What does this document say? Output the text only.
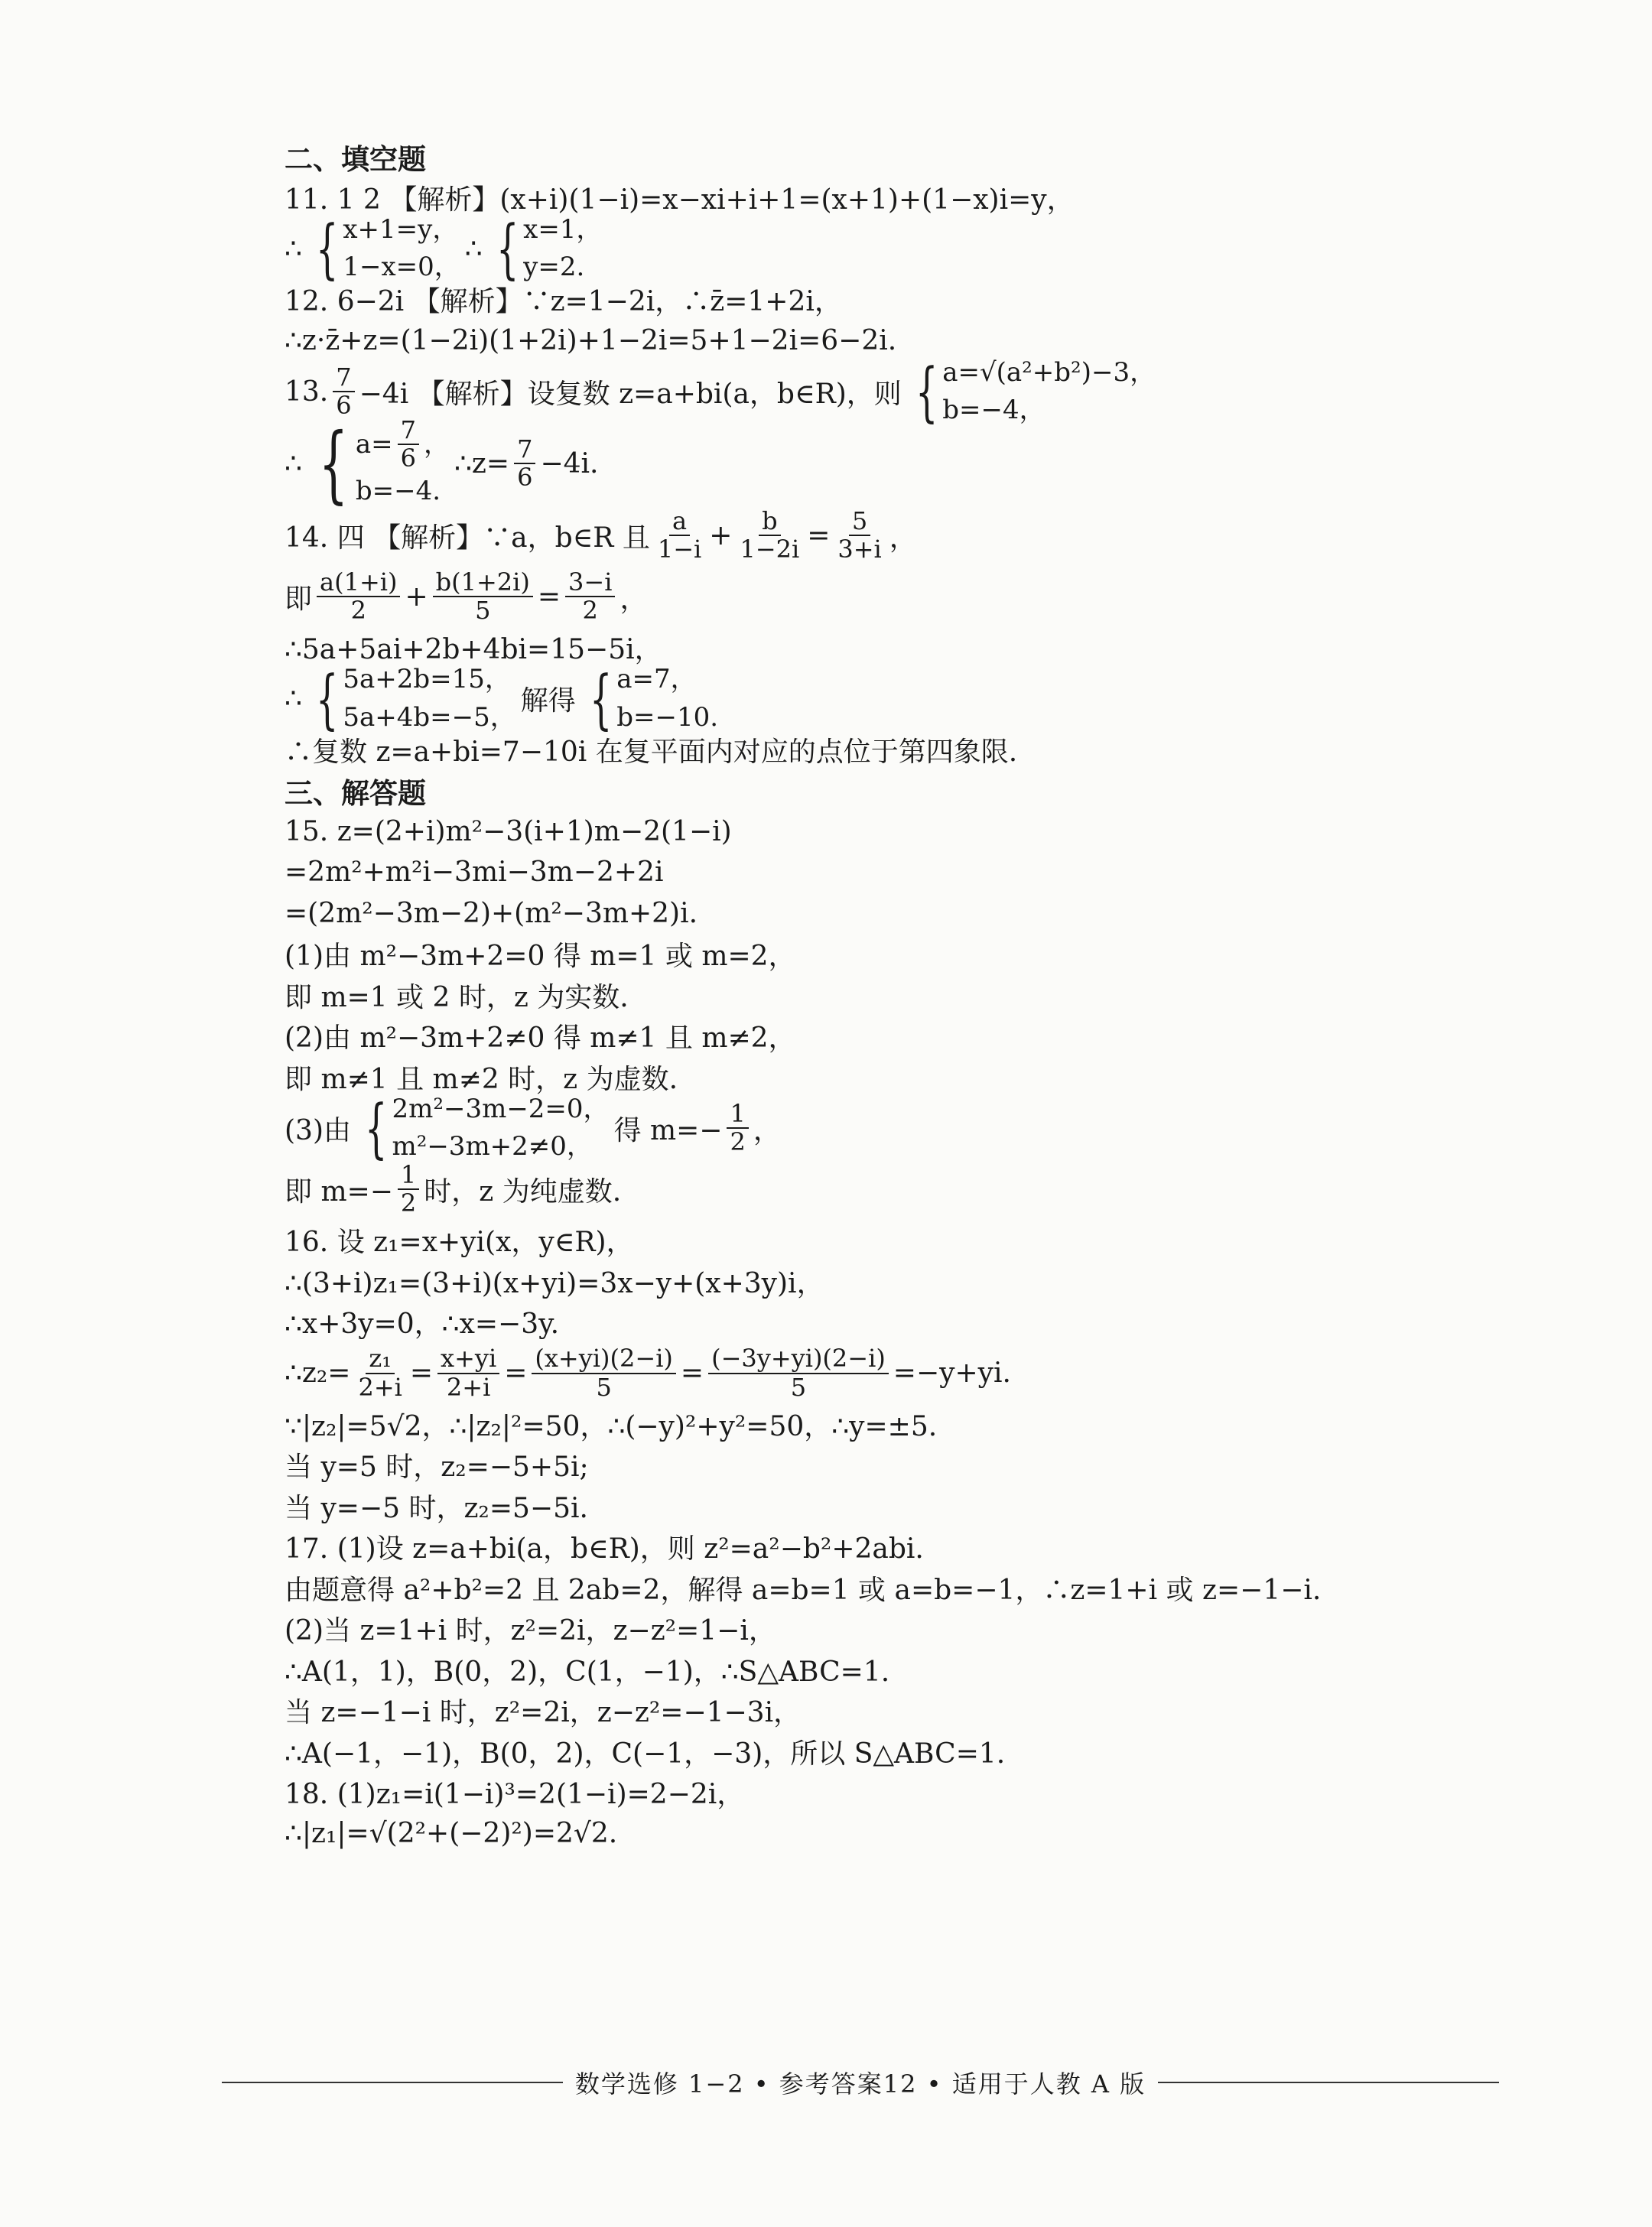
二、填空题
11. 1 2 【解析】(x+i)(1−i)=x−xi+i+1=(x+1)+(1−x)i=y，
∴ { x+1=y，
1−x=0，
∴ { x=1，
y=2.
12. 6−2i 【解析】∵z=1−2i，∴z̄=1+2i，
∴z·z̄+z=(1−2i)(1+2i)+1−2i=5+1−2i=6−2i.
13. $\frac{7}{6} -4i$ 【解析】设复数 z=a+bi(a，b∈R)，则 { a=√(a²+b²)−3，
b=−4，
∴ { $a= \frac{7}{6}$ ，
b=−4.
∴z= $\frac{7}{6} -4i$.
14. 四 【解析】∵a，b∈R 且 $\frac{a}{1-i} + \frac{b}{1-2i} = \frac{5}{3+i}$ ，
即 $\frac{a(1+i)}{2} + \frac{b(1+2i)}{5} = \frac{3-i}{2}$ ，
∴5a+5ai+2b+4bi=15−5i，
∴ { 5a+2b=15，
5a+4b=−5，
解得 { a=7，
b=−10.
∴复数 z=a+bi=7−10i 在复平面内对应的点位于第四象限.
三、解答题
15. z=(2+i)m²−3(i+1)m−2(1−i)
=2m²+m²i−3mi−3m−2+2i
=(2m²−3m−2)+(m²−3m+2)i.
(1)由 m²−3m+2=0 得 m=1 或 m=2，
即 m=1 或 2 时，z 为实数.
(2)由 m²−3m+2≠0 得 m≠1 且 m≠2，
即 m≠1 且 m≠2 时，z 为虚数.
(3)由 { 2m²−3m−2=0，
m²−3m+2≠0，
得 $m=- \frac{1}{2}$ ，
即 $m=- \frac{1}{2}$ 时，z 为纯虚数.
16. 设 z₁=x+yi(x，y∈R)，
∴(3+i)z₁=(3+i)(x+yi)=3x−y+(x+3y)i，
∴x+3y=0，∴x=−3y.
∴z₂= $\frac{\text{z₁}}{2+i} = \frac{x+yi}{2+i} = \frac{(x+yi)(2-i)}{5} = \frac{(-3y+yi)(2-i)}{5} =-y+yi$.
∵|z₂|=5√2，∴|z₂|²=50，∴(−y)²+y²=50，∴y=±5.
当 y=5 时，z₂=−5+5i;
当 y=−5 时，z₂=5−5i.
17. (1)设 z=a+bi(a，b∈R)，则 z²=a²−b²+2abi.
由题意得 a²+b²=2 且 2ab=2，解得 a=b=1 或 a=b=−1，∴z=1+i 或 z=−1−i.
(2)当 z=1+i 时，z²=2i，z−z²=1−i，
∴A(1，1)，B(0，2)，C(1，−1)，∴S△ABC=1.
当 z=−1−i 时，z²=2i，z−z²=−1−3i，
∴A(−1，−1)，B(0，2)，C(−1，−3)，所以 S△ABC=1.
18. (1)z₁=i(1−i)³=2(1−i)=2−2i，
∴|z₁|=√(2²+(−2)²)=2√2.
数学选修 1−2 • 参考答案12 • 适用于人教 A 版
